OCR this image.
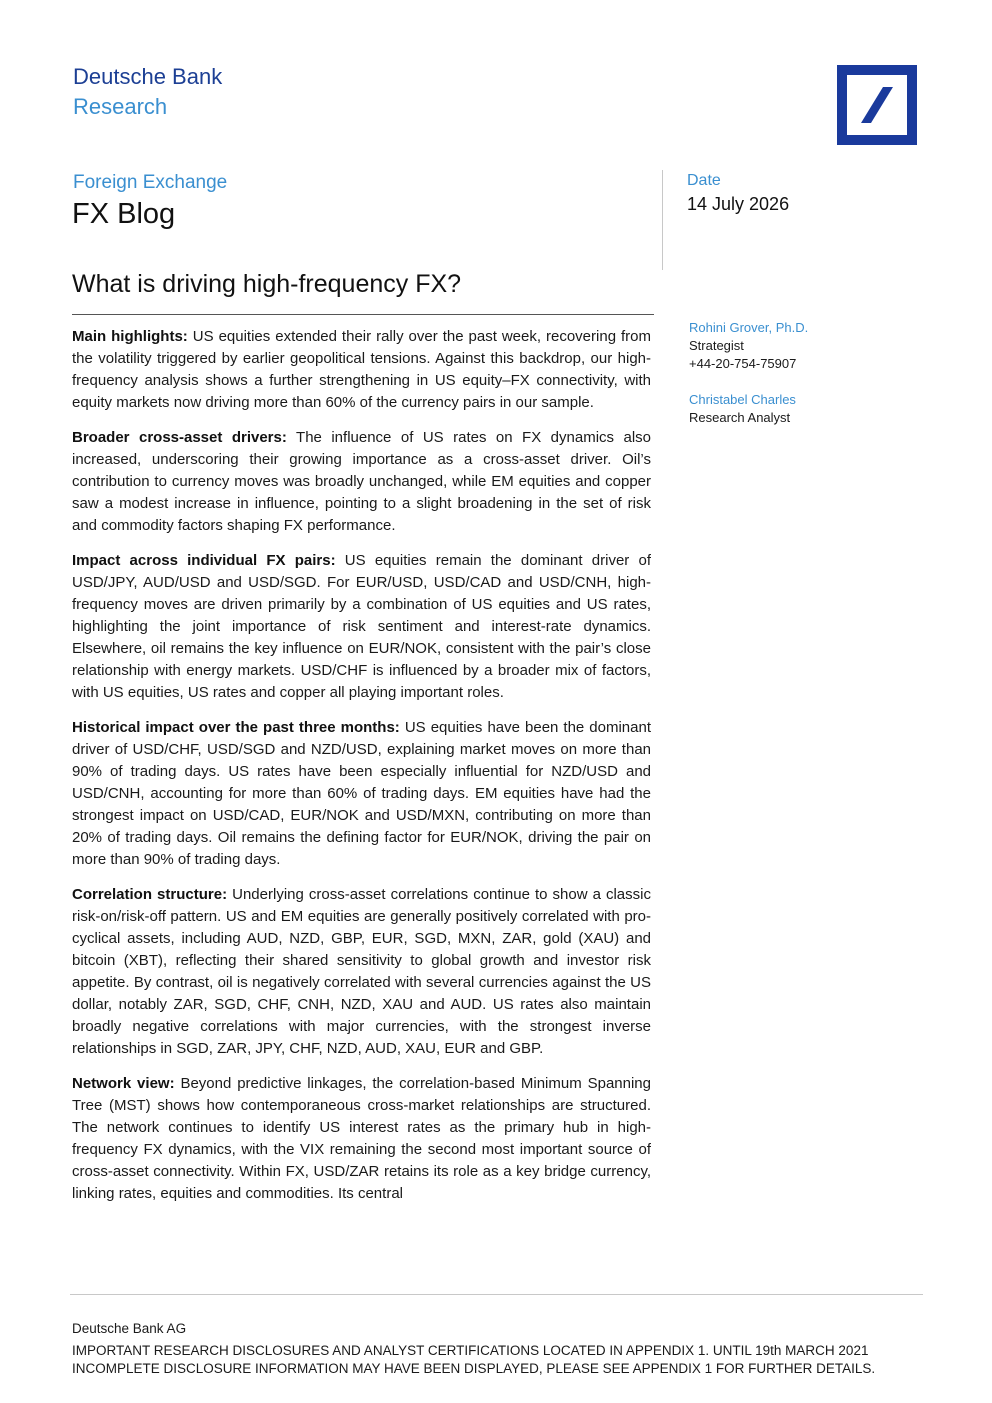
Deutsche Bank
Research
Foreign Exchange
FX Blog
Date
14 July 2026
What is driving high-frequency FX?

Main highlights: US equities extended their rally over the past week, recovering from the volatility triggered by earlier geopolitical tensions. Against this backdrop, our high-frequency analysis shows a further strengthening in US equity–FX connectivity, with equity markets now driving more than 60% of the currency pairs in our sample.

Broader cross-asset drivers: The influence of US rates on FX dynamics also increased, underscoring their growing importance as a cross-asset driver. Oil’s contribution to currency moves was broadly unchanged, while EM equities and copper saw a modest increase in influence, pointing to a slight broadening in the set of risk and commodity factors shaping FX performance.

Impact across individual FX pairs: US equities remain the dominant driver of USD/JPY, AUD/USD and USD/SGD. For EUR/USD, USD/CAD and USD/CNH, high-frequency moves are driven primarily by a combination of US equities and US rates, highlighting the joint importance of risk sentiment and interest-rate dynamics. Elsewhere, oil remains the key influence on EUR/NOK, consistent with the pair’s close relationship with energy markets. USD/CHF is influenced by a broader mix of factors, with US equities, US rates and copper all playing important roles.

Historical impact over the past three months: US equities have been the dominant driver of USD/CHF, USD/SGD and NZD/USD, explaining market moves on more than 90% of trading days. US rates have been especially influential for NZD/USD and USD/CNH, accounting for more than 60% of trading days. EM equities have had the strongest impact on USD/CAD, EUR/NOK and USD/MXN, contributing on more than 20% of trading days. Oil remains the defining factor for EUR/NOK, driving the pair on more than 90% of trading days.

Correlation structure: Underlying cross-asset correlations continue to show a classic risk-on/risk-off pattern. US and EM equities are generally positively correlated with pro-cyclical assets, including AUD, NZD, GBP, EUR, SGD, MXN, ZAR, gold (XAU) and bitcoin (XBT), reflecting their shared sensitivity to global growth and investor risk appetite. By contrast, oil is negatively correlated with several currencies against the US dollar, notably ZAR, SGD, CHF, CNH, NZD, XAU and AUD. US rates also maintain broadly negative correlations with major currencies, with the strongest inverse relationships in SGD, ZAR, JPY, CHF, NZD, AUD, XAU, EUR and GBP.

Network view: Beyond predictive linkages, the correlation-based Minimum Spanning Tree (MST) shows how contemporaneous cross-market relationships are structured. The network continues to identify US interest rates as the primary hub in high-frequency FX dynamics, with the VIX remaining the second most important source of cross-asset connectivity. Within FX, USD/ZAR retains its role as a key bridge currency, linking rates, equities and commodities. Its central

Rohini Grover, Ph.D.
Strategist
+44-20-754-75907
Christabel Charles
Research Analyst
Deutsche Bank AG
IMPORTANT RESEARCH DISCLOSURES AND ANALYST CERTIFICATIONS LOCATED IN APPENDIX 1. UNTIL 19th MARCH 2021
INCOMPLETE DISCLOSURE INFORMATION MAY HAVE BEEN DISPLAYED, PLEASE SEE APPENDIX 1 FOR FURTHER DETAILS.
